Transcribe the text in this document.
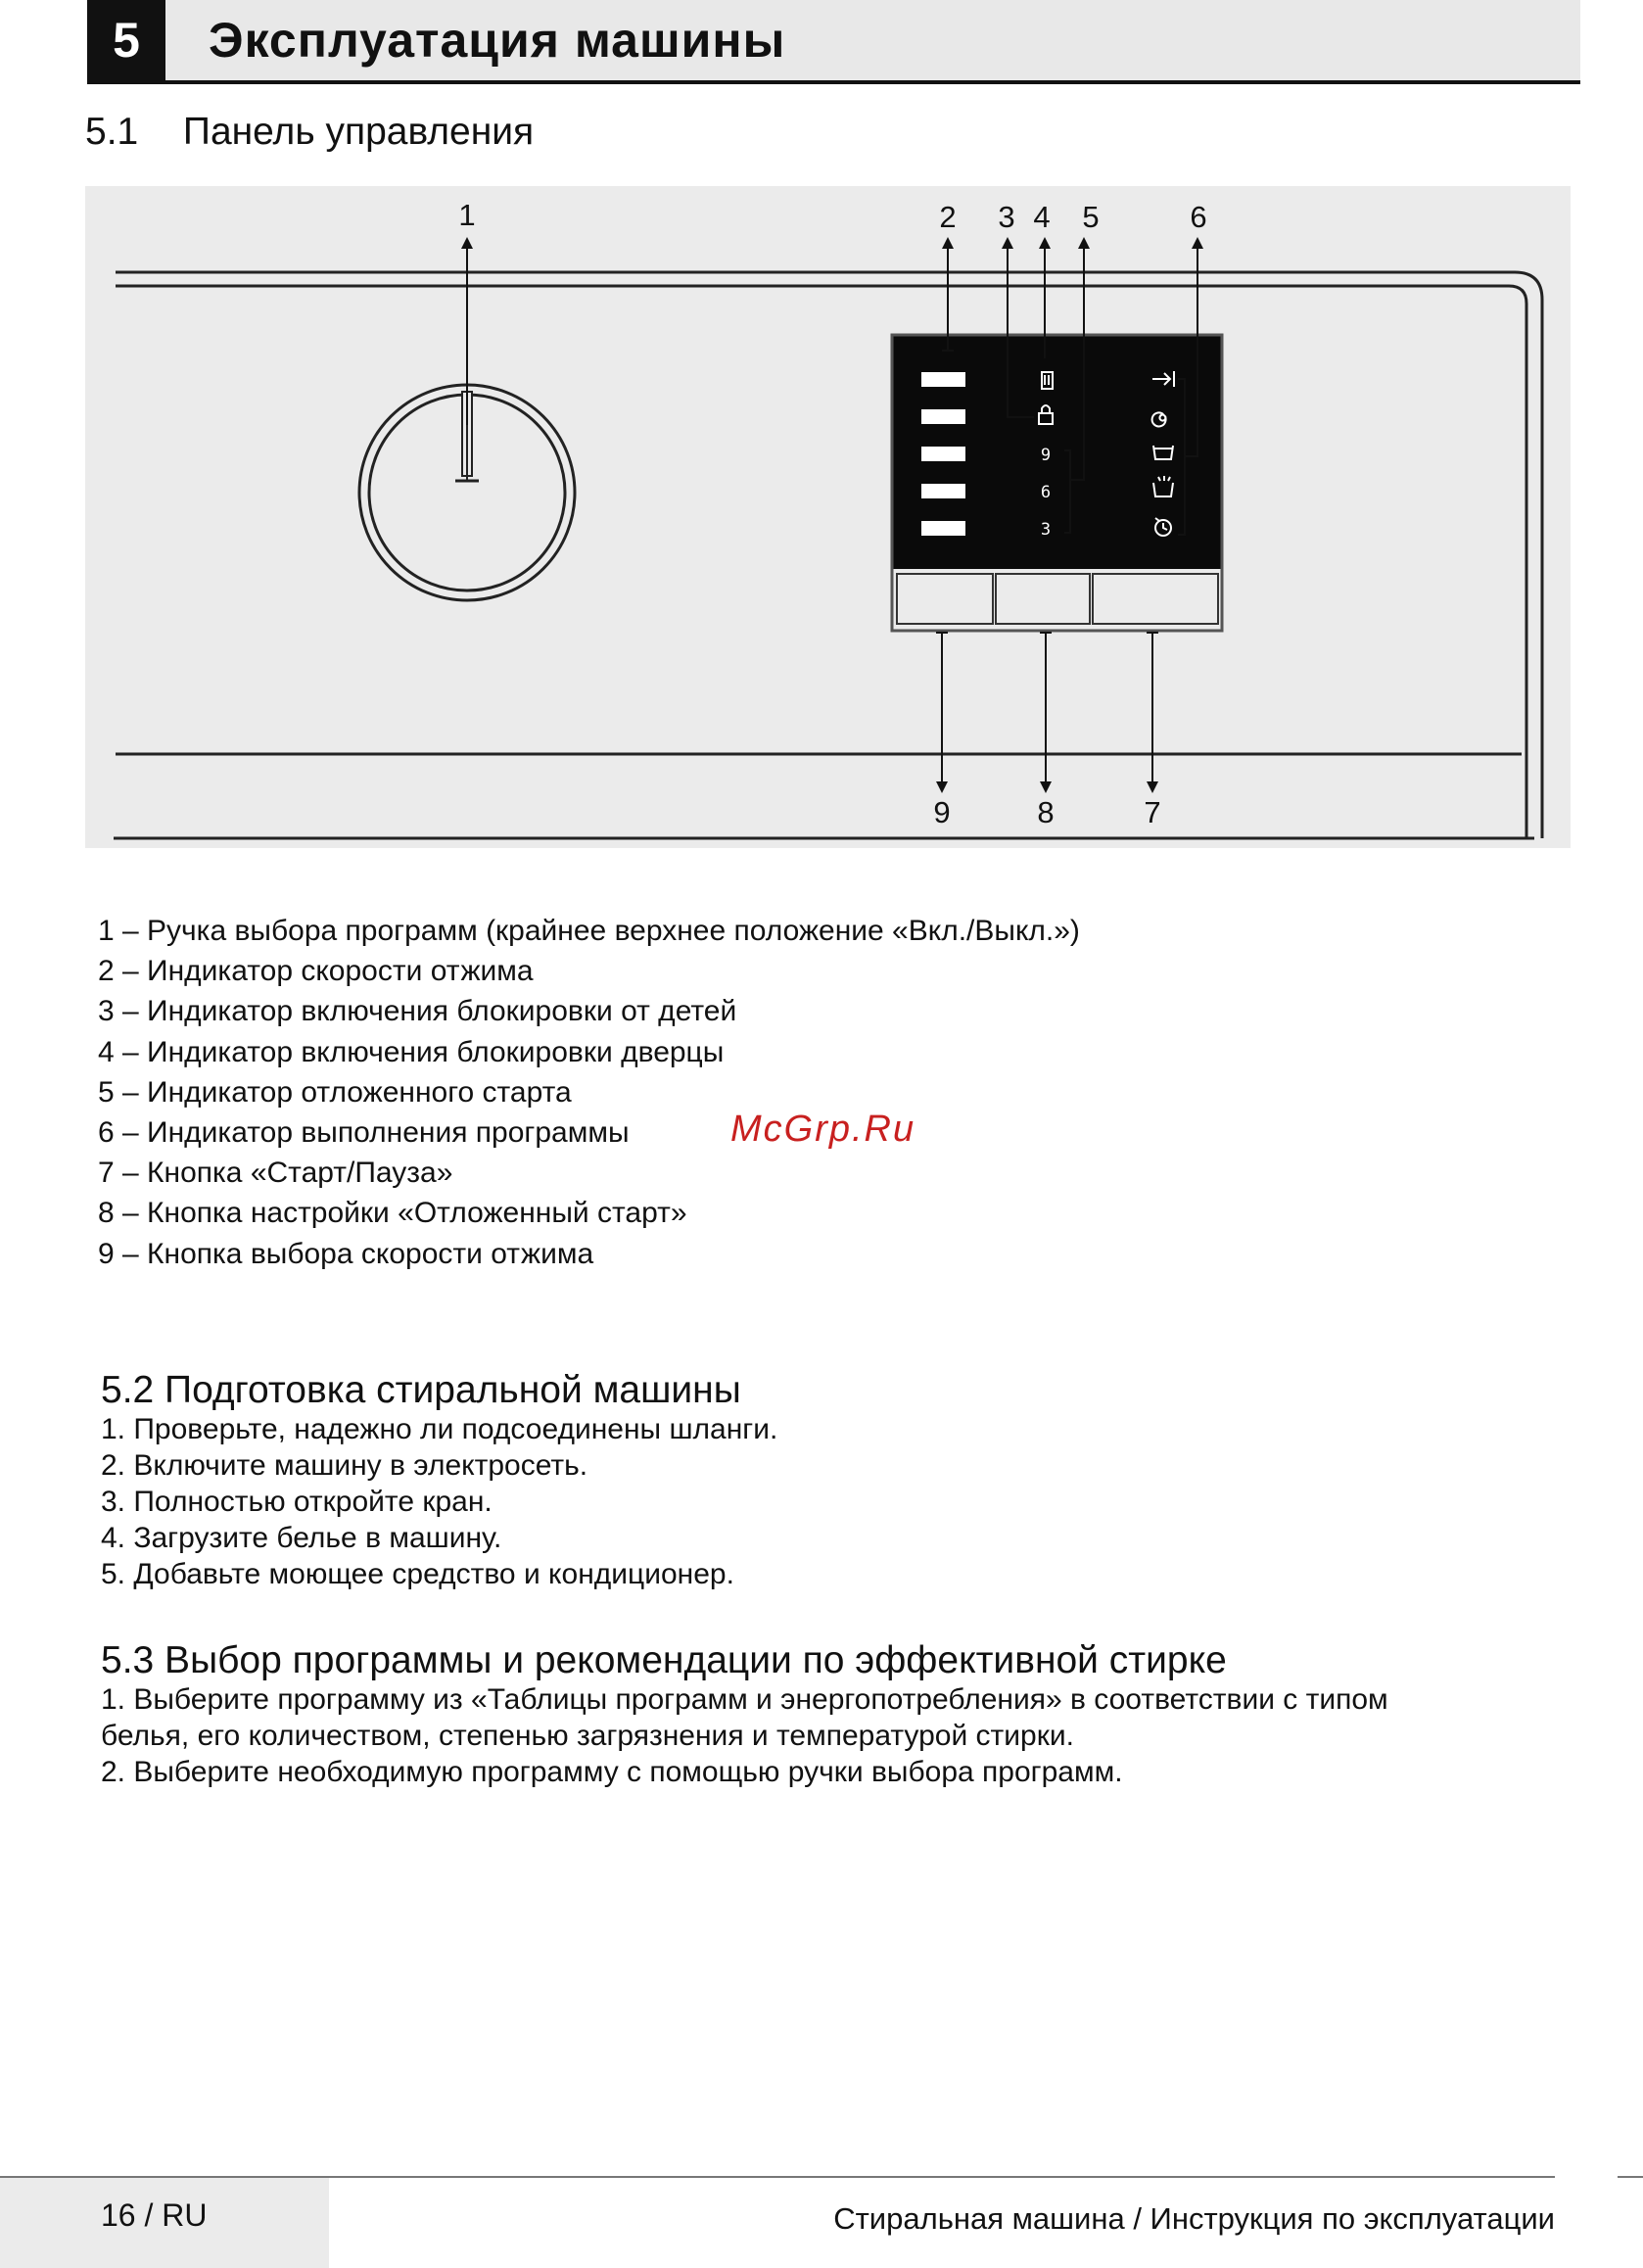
5	Эксплуатация машины
5.1 Панель управления
9
6
3
1	2 3 4 5	6
7
8
9
1 – Ручка выбора программ (крайнее верхнее положение «Вкл./Выкл.»)
2 – Индикатор скорости отжима
3 – Индикатор включения блокировки от детей
4 – Индикатор включения блокировки дверцы
5 – Индикатор отложенного старта
6 – Индикатор выполнения программы
7 – Кнопка «Старт/Пауза»
8 – Кнопка настройки «Отложенный старт»
9 – Кнопка выбора скорости отжима
McGrp.Ru
5.2 Подготовка стиральной машины
1. Проверьте, надежно ли подсоединены шланги.
2. Включите машину в электросеть.
3. Полностью откройте кран.
4. Загрузите белье в машину.
5. Добавьте моющее средство и кондиционер.
5.3 Выбор программы и рекомендации по эффективной стирке
1. Выберите программу из «Таблицы программ и энергопотребления» в соответствии с типом
белья, его количеством, степенью загрязнения и температурой стирки.
2. Выберите необходимую программу с помощью ручки выбора программ.
16 / RU	Стиральная машина / Инструкция по эксплуатации
